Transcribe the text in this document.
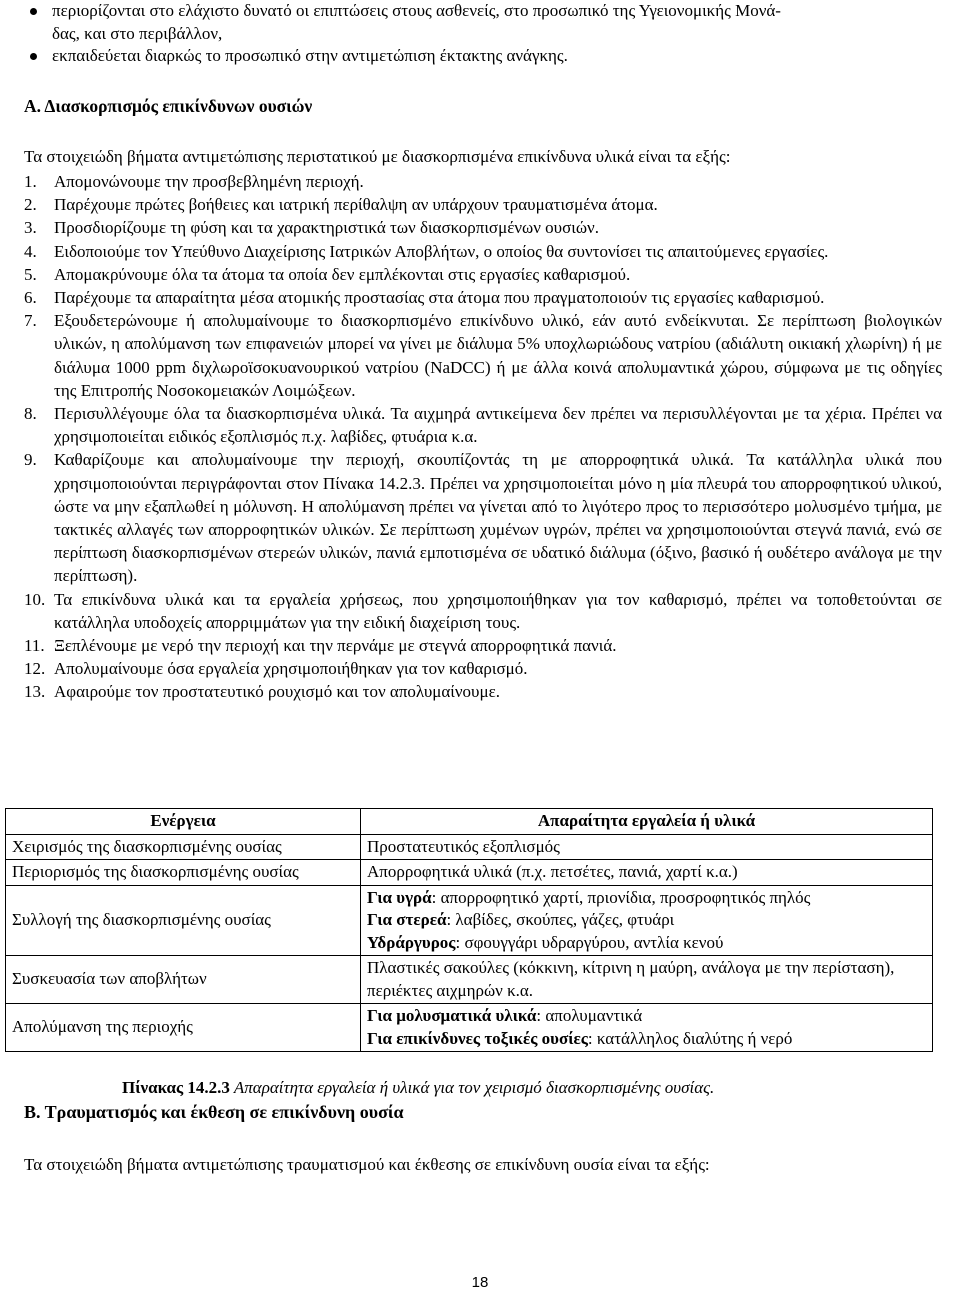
περιορίζονται στο ελάχιστο δυνατό οι επιπτώσεις στους ασθενείς, στο προσωπικό της Υγειονομικής Μονά-
δας, και στο περιβάλλον,
εκπαιδεύεται διαρκώς το προσωπικό στην αντιμετώπιση έκτακτης ανάγκης.
Α. Διασκορπισμός επικίνδυνων ουσιών
Τα στοιχειώδη βήματα αντιμετώπισης περιστατικού με διασκορπισμένα επικίνδυνα υλικά είναι τα εξής:
1. Απομονώνουμε την προσβεβλημένη περιοχή.
2. Παρέχουμε πρώτες βοήθειες και ιατρική περίθαλψη αν υπάρχουν τραυματισμένα άτομα.
3. Προσδιορίζουμε τη φύση και τα χαρακτηριστικά των διασκορπισμένων ουσιών.
4. Ειδοποιούμε τον Υπεύθυνο Διαχείρισης Ιατρικών Αποβλήτων, ο οποίος θα συντονίσει τις απαιτούμενες εργασίες.
5. Απομακρύνουμε όλα τα άτομα τα οποία δεν εμπλέκονται στις εργασίες καθαρισμού.
6. Παρέχουμε τα απαραίτητα μέσα ατομικής προστασίας στα άτομα που πραγματοποιούν τις εργασίες καθαρισμού.
7. Εξουδετερώνουμε ή απολυμαίνουμε το διασκορπισμένο επικίνδυνο υλικό, εάν αυτό ενδείκνυται. Σε περίπτωση βιολογικών υλικών, η απολύμανση των επιφανειών μπορεί να γίνει με διάλυμα 5% υποχλωριώδους νατρίου (αδιάλυτη οικιακή χλωρίνη) ή με διάλυμα 1000 ppm διχλωροϊσοκυανουρικού νατρίου (NaDCC) ή με άλλα κοινά απολυμαντικά χώρου, σύμφωνα με τις οδηγίες της Επιτροπής Νοσοκομειακών Λοιμώξεων.
8. Περισυλλέγουμε όλα τα διασκορπισμένα υλικά. Τα αιχμηρά αντικείμενα δεν πρέπει να περισυλλέγονται με τα χέρια. Πρέπει να χρησιμοποιείται ειδικός εξοπλισμός π.χ. λαβίδες, φτυάρια κ.α.
9. Καθαρίζουμε και απολυμαίνουμε την περιοχή, σκουπίζοντάς τη με απορροφητικά υλικά. Τα κατάλληλα υλικά που χρησιμοποιούνται περιγράφονται στον Πίνακα 14.2.3. Πρέπει να χρησιμοποιείται μόνο η μία πλευρά του απορροφητικού υλικού, ώστε να μην εξαπλωθεί η μόλυνση. Η απολύμανση πρέπει να γίνεται από το λιγότερο προς το περισσότερο μολυσμένο τμήμα, με τακτικές αλλαγές των απορροφητικών υλικών. Σε περίπτωση χυμένων υγρών, πρέπει να χρησιμοποιούνται στεγνά πανιά, ενώ σε περίπτωση διασκορπισμένων στερεών υλικών, πανιά εμποτισμένα σε υδατικό διάλυμα (όξινο, βασικό ή ουδέτερο ανάλογα με την περίπτωση).
10. Τα επικίνδυνα υλικά και τα εργαλεία χρήσεως, που χρησιμοποιήθηκαν για τον καθαρισμό, πρέπει να τοποθετούνται σε κατάλληλα υποδοχείς απορριμμάτων για την ειδική διαχείριση τους.
11. Ξεπλένουμε με νερό την περιοχή και την περνάμε με στεγνά απορροφητικά πανιά.
12. Απολυμαίνουμε όσα εργαλεία χρησιμοποιήθηκαν για τον καθαρισμό.
13. Αφαιρούμε τον προστατευτικό ρουχισμό και τον απολυμαίνουμε.
Ενέργεια	Απαραίτητα εργαλεία ή υλικά
Χειρισμός της διασκορπισμένης ουσίας	Προστατευτικός εξοπλισμός

Περιορισμός της διασκορπισμένης ουσίας	Απορροφητικά υλικά (π.χ. πετσέτες, πανιά, χαρτί κ.α.)

Συλλογή της διασκορπισμένης ουσίας	Για υγρά: απορροφητικό χαρτί, πριονίδια, προσροφητικός πηλός
Για στερεά: λαβίδες, σκούπες, γάζες, φτυάρι
Υδράργυρος: σφουγγάρι υδραργύρου, αντλία κενού

Συσκευασία των αποβλήτων	Πλαστικές σακούλες (κόκκινη, κίτρινη η μαύρη, ανάλογα με την περίσταση), περιέκτες αιχμηρών κ.α.

Απολύμανση της περιοχής	Για μολυσματικά υλικά: απολυμαντικά
Για επικίνδυνες τοξικές ουσίες: κατάλληλος διαλύτης ή νερό
Πίνακας 14.2.3 Απαραίτητα εργαλεία ή υλικά για τον χειρισμό διασκορπισμένης ουσίας.
Β. Τραυματισμός και έκθεση σε επικίνδυνη ουσία
Τα στοιχειώδη βήματα αντιμετώπισης τραυματισμού και έκθεσης σε επικίνδυνη ουσία είναι τα εξής:
18
